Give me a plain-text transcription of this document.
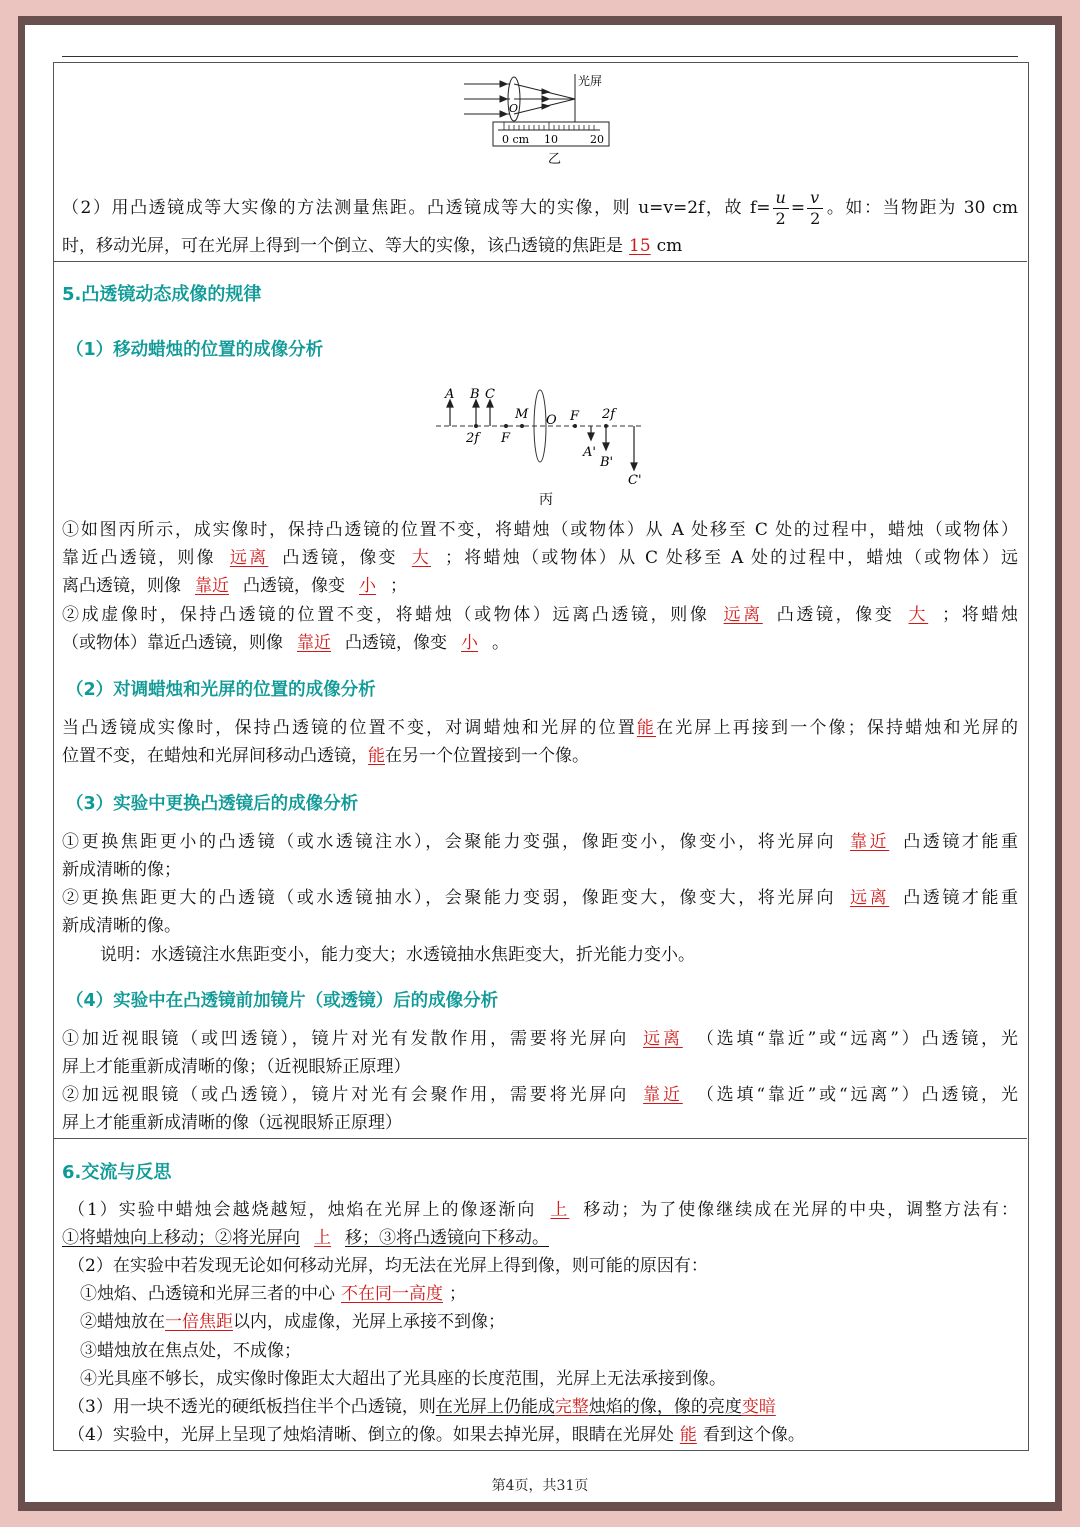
光屏
O
0 cm 10	20
乙
（2）用凸透镜成等大实像的方法测量焦距。凸透镜成等大的实像，则 u=v=2f，故 $f= \frac{u}{2} = \frac{v}{2}$ 。如：当物距为 30 cm
时，移动光屏，可在光屏上得到一个倒立、等大的实像，该凸透镜的焦距是 15 cm
5.凸透镜动态成像的规律
（1）移动蜡烛的位置的成像分析
A B C
M O F 2f
2f F
A'
B'
C'
丙
①如图丙所示，成实像时，保持凸透镜的位置不变，将蜡烛（或物体）从 A 处移至 C 处的过程中，蜡烛（或物体）
靠近凸透镜，则像 远离 凸透镜，像变 大 ；将蜡烛（或物体）从 C 处移至 A 处的过程中，蜡烛（或物体）远
离凸透镜，则像 靠近 凸透镜，像变 小 ；
②成虚像时，保持凸透镜的位置不变，将蜡烛（或物体）远离凸透镜，则像 远离 凸透镜，像变 大 ；将蜡烛
（或物体）靠近凸透镜，则像 靠近 凸透镜，像变 小 。
（2）对调蜡烛和光屏的位置的成像分析
当凸透镜成实像时，保持凸透镜的位置不变，对调蜡烛和光屏的位置能在光屏上再接到一个像；保持蜡烛和光屏的
位置不变，在蜡烛和光屏间移动凸透镜，能在另一个位置接到一个像。
（3）实验中更换凸透镜后的成像分析
①更换焦距更小的凸透镜（或水透镜注水），会聚能力变强，像距变小，像变小，将光屏向 靠近 凸透镜才能重
新成清晰的像；
②更换焦距更大的凸透镜（或水透镜抽水），会聚能力变弱，像距变大，像变大，将光屏向 远离 凸透镜才能重
新成清晰的像。
说明：水透镜注水焦距变小，能力变大；水透镜抽水焦距变大，折光能力变小。
（4）实验中在凸透镜前加镜片（或透镜）后的成像分析
①加近视眼镜（或凹透镜），镜片对光有发散作用，需要将光屏向 远离 （选填“靠近”或“远离”）凸透镜，光
屏上才能重新成清晰的像；（近视眼矫正原理）
②加远视眼镜（或凸透镜），镜片对光有会聚作用，需要将光屏向 靠近 （选填“靠近”或“远离”）凸透镜，光
屏上才能重新成清晰的像（远视眼矫正原理）
6.交流与反思
（1）实验中蜡烛会越烧越短，烛焰在光屏上的像逐渐向 上 移动；为了使像继续成在光屏的中央，调整方法有：
①将蜡烛向上移动；②将光屏向 上 移；③将凸透镜向下移动。
（2）在实验中若发现无论如何移动光屏，均无法在光屏上得到像，则可能的原因有：
①烛焰、凸透镜和光屏三者的中心 不在同一高度 ；
②蜡烛放在一倍焦距以内，成虚像，光屏上承接不到像；
③蜡烛放在焦点处，不成像；
④光具座不够长，成实像时像距太大超出了光具座的长度范围，光屏上无法承接到像。
（3）用一块不透光的硬纸板挡住半个凸透镜，则在光屏上仍能成完整烛焰的像，像的亮度变暗
（4）实验中，光屏上呈现了烛焰清晰、倒立的像。如果去掉光屏，眼睛在光屏处 能 看到这个像。
第4页，共31页
